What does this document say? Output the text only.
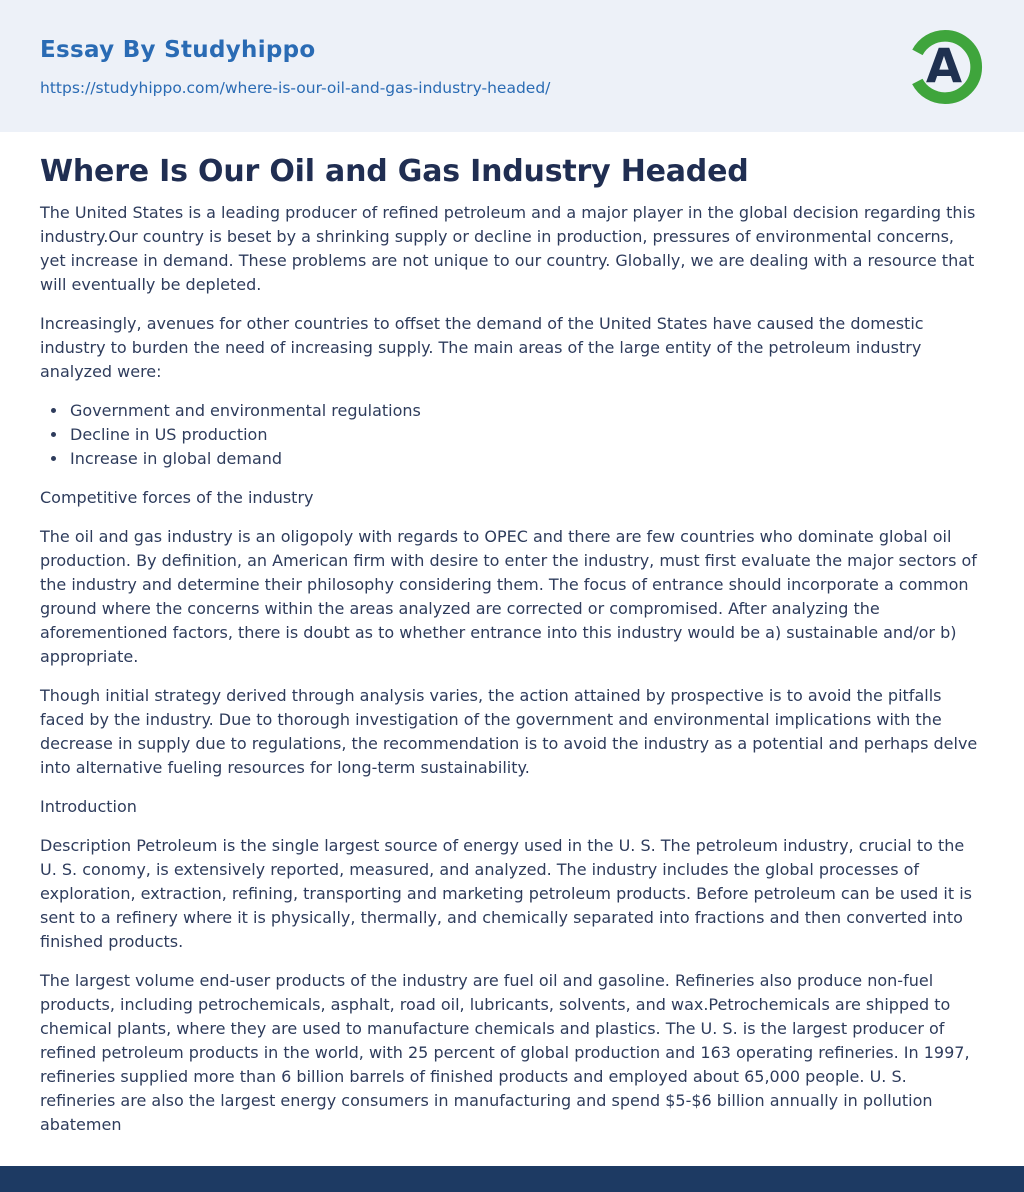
Essay By Studyhippo
https://studyhippo.com/where-is-our-oil-and-gas-industry-headed/	A
Where Is Our Oil and Gas Industry Headed

The United States is a leading producer of refined petroleum and a major player in the global decision regarding this industry.Our country is beset by a shrinking supply or decline in production, pressures of environmental concerns, yet increase in demand. These problems are not unique to our country. Globally, we are dealing with a resource that will eventually be depleted.

Increasingly, avenues for other countries to offset the demand of the United States have caused the domestic industry to burden the need of increasing supply. The main areas of the large entity of the petroleum industry analyzed were:

• Government and environmental regulations
• Decline in US production
• Increase in global demand

Competitive forces of the industry

The oil and gas industry is an oligopoly with regards to OPEC and there are few countries who dominate global oil production. By definition, an American firm with desire to enter the industry, must first evaluate the major sectors of the industry and determine their philosophy considering them. The focus of entrance should incorporate a common ground where the concerns within the areas analyzed are corrected or compromised. After analyzing the aforementioned factors, there is doubt as to whether entrance into this industry would be a) sustainable and/or b) appropriate.

Though initial strategy derived through analysis varies, the action attained by prospective is to avoid the pitfalls faced by the industry. Due to thorough investigation of the government and environmental implications with the decrease in supply due to regulations, the recommendation is to avoid the industry as a potential and perhaps delve into alternative fueling resources for long-term sustainability.

Introduction

Description Petroleum is the single largest source of energy used in the U. S. The petroleum industry, crucial to the U. S. conomy, is extensively reported, measured, and analyzed. The industry includes the global processes of exploration, extraction, refining, transporting and marketing petroleum products. Before petroleum can be used it is sent to a refinery where it is physically, thermally, and chemically separated into fractions and then converted into finished products.

The largest volume end-user products of the industry are fuel oil and gasoline. Refineries also produce non-fuel products, including petrochemicals, asphalt, road oil, lubricants, solvents, and wax.Petrochemicals are shipped to chemical plants, where they are used to manufacture chemicals and plastics. The U. S. is the largest producer of refined petroleum products in the world, with 25 percent of global production and 163 operating refineries. In 1997, refineries supplied more than 6 billion barrels of finished products and employed about 65,000 people. U. S. refineries are also the largest energy consumers in manufacturing and spend $5-$6 billion annually in pollution abatemen
